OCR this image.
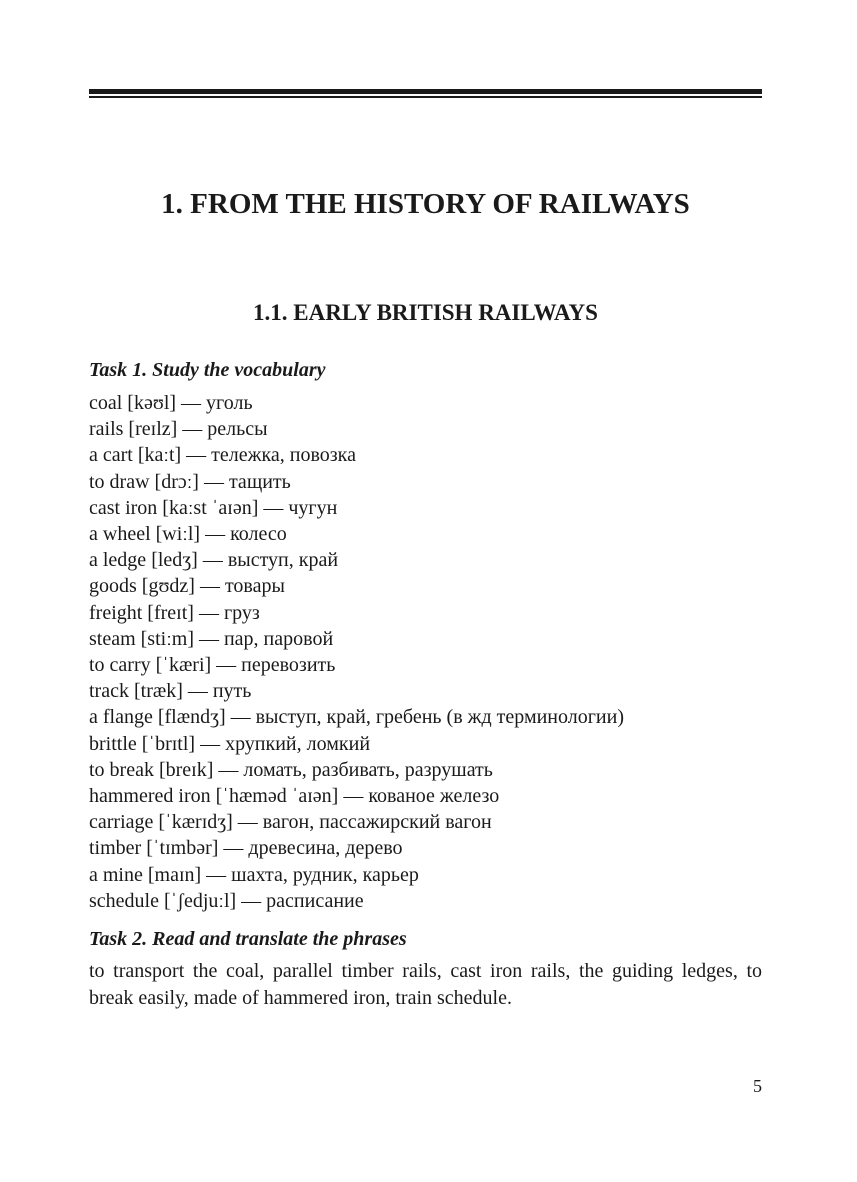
1. FROM THE HISTORY OF RAILWAYS
1.1. EARLY BRITISH RAILWAYS
Task 1. Study the vocabulary
coal [kəʊl] — уголь
rails [reɪlz] — рельсы
a cart [kaːt] — тележка, повозка
to draw [drɔː] — тащить
cast iron [kaːst ˈaɪən] — чугун
a wheel [wiːl] — колесо
a ledge [ledʒ] — выступ, край
goods [gʊdz] — товары
freight [freɪt] — груз
steam [stiːm] — пар, паровой
to carry [ˈkæri] — перевозить
track [træk] — путь
a flange [flændʒ] — выступ, край, гребень (в жд терминологии)
brittle [ˈbrɪtl] — хрупкий, ломкий
to break [breɪk] — ломать, разбивать, разрушать
hammered iron [ˈhæməd ˈaɪən] — кованое железо
carriage [ˈkærɪdʒ] — вагон, пассажирский вагон
timber [ˈtɪmbər] — древесина, дерево
a mine [maɪn] — шахта, рудник, карьер
schedule [ˈʃedjuːl] — расписание
Task 2. Read and translate the phrases

to transport the coal, parallel timber rails, cast iron rails, the guiding ledges, to break easily, made of hammered iron, train schedule.

5
